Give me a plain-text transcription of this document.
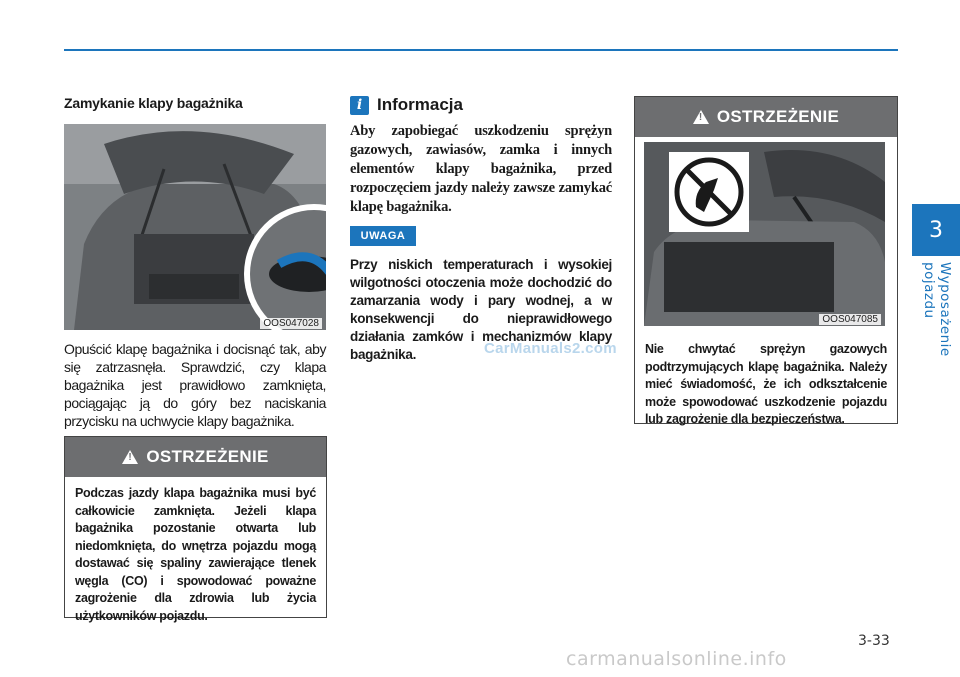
3
Wyposażenie pojazdu
Zamykanie klapy bagażnika
OOS047028
Opuścić klapę bagażnika i docisnąć tak, aby się zatrzasnęła. Sprawdzić, czy klapa bagażnika jest prawidłowo zamknięta, pociągając ją do góry bez naciskania przycisku na uchwycie klapy bagażnika.
!
OSTRZEŻENIE
Podczas jazdy klapa bagażnika musi być całkowicie zamknięta. Jeżeli klapa bagażnika pozostanie otwarta lub niedomknięta, do wnętrza pojazdu mogą dostawać się spaliny zawierające tlenek węgla (CO) i spowodować poważne zagrożenie dla zdrowia lub życia użytkowników pojazdu.
i Informacja
Aby zapobiegać uszkodzeniu sprężyn gazowych, zawiasów, zamka i innych elementów klapy bagażnika, przed rozpoczęciem jazdy należy zawsze zamykać klapę bagażnika.
UWAGA
Przy niskich temperaturach i wysokiej wilgotności otoczenia może dochodzić do zamarzania wody i pary wodnej, a w konsekwencji do nieprawidłowego działania zamków i mechanizmów klapy bagażnika.	CarManuals2.com
!
OSTRZEŻENIE
Nie chwytać sprężyn gazowych podtrzymujących klapę bagażnika. Należy mieć świadomość, że ich odkształcenie może spowodować uszkodzenie pojazdu lub zagrożenie dla bezpieczeństwa.
OOS047085
3-33
carmanualsonline.info
